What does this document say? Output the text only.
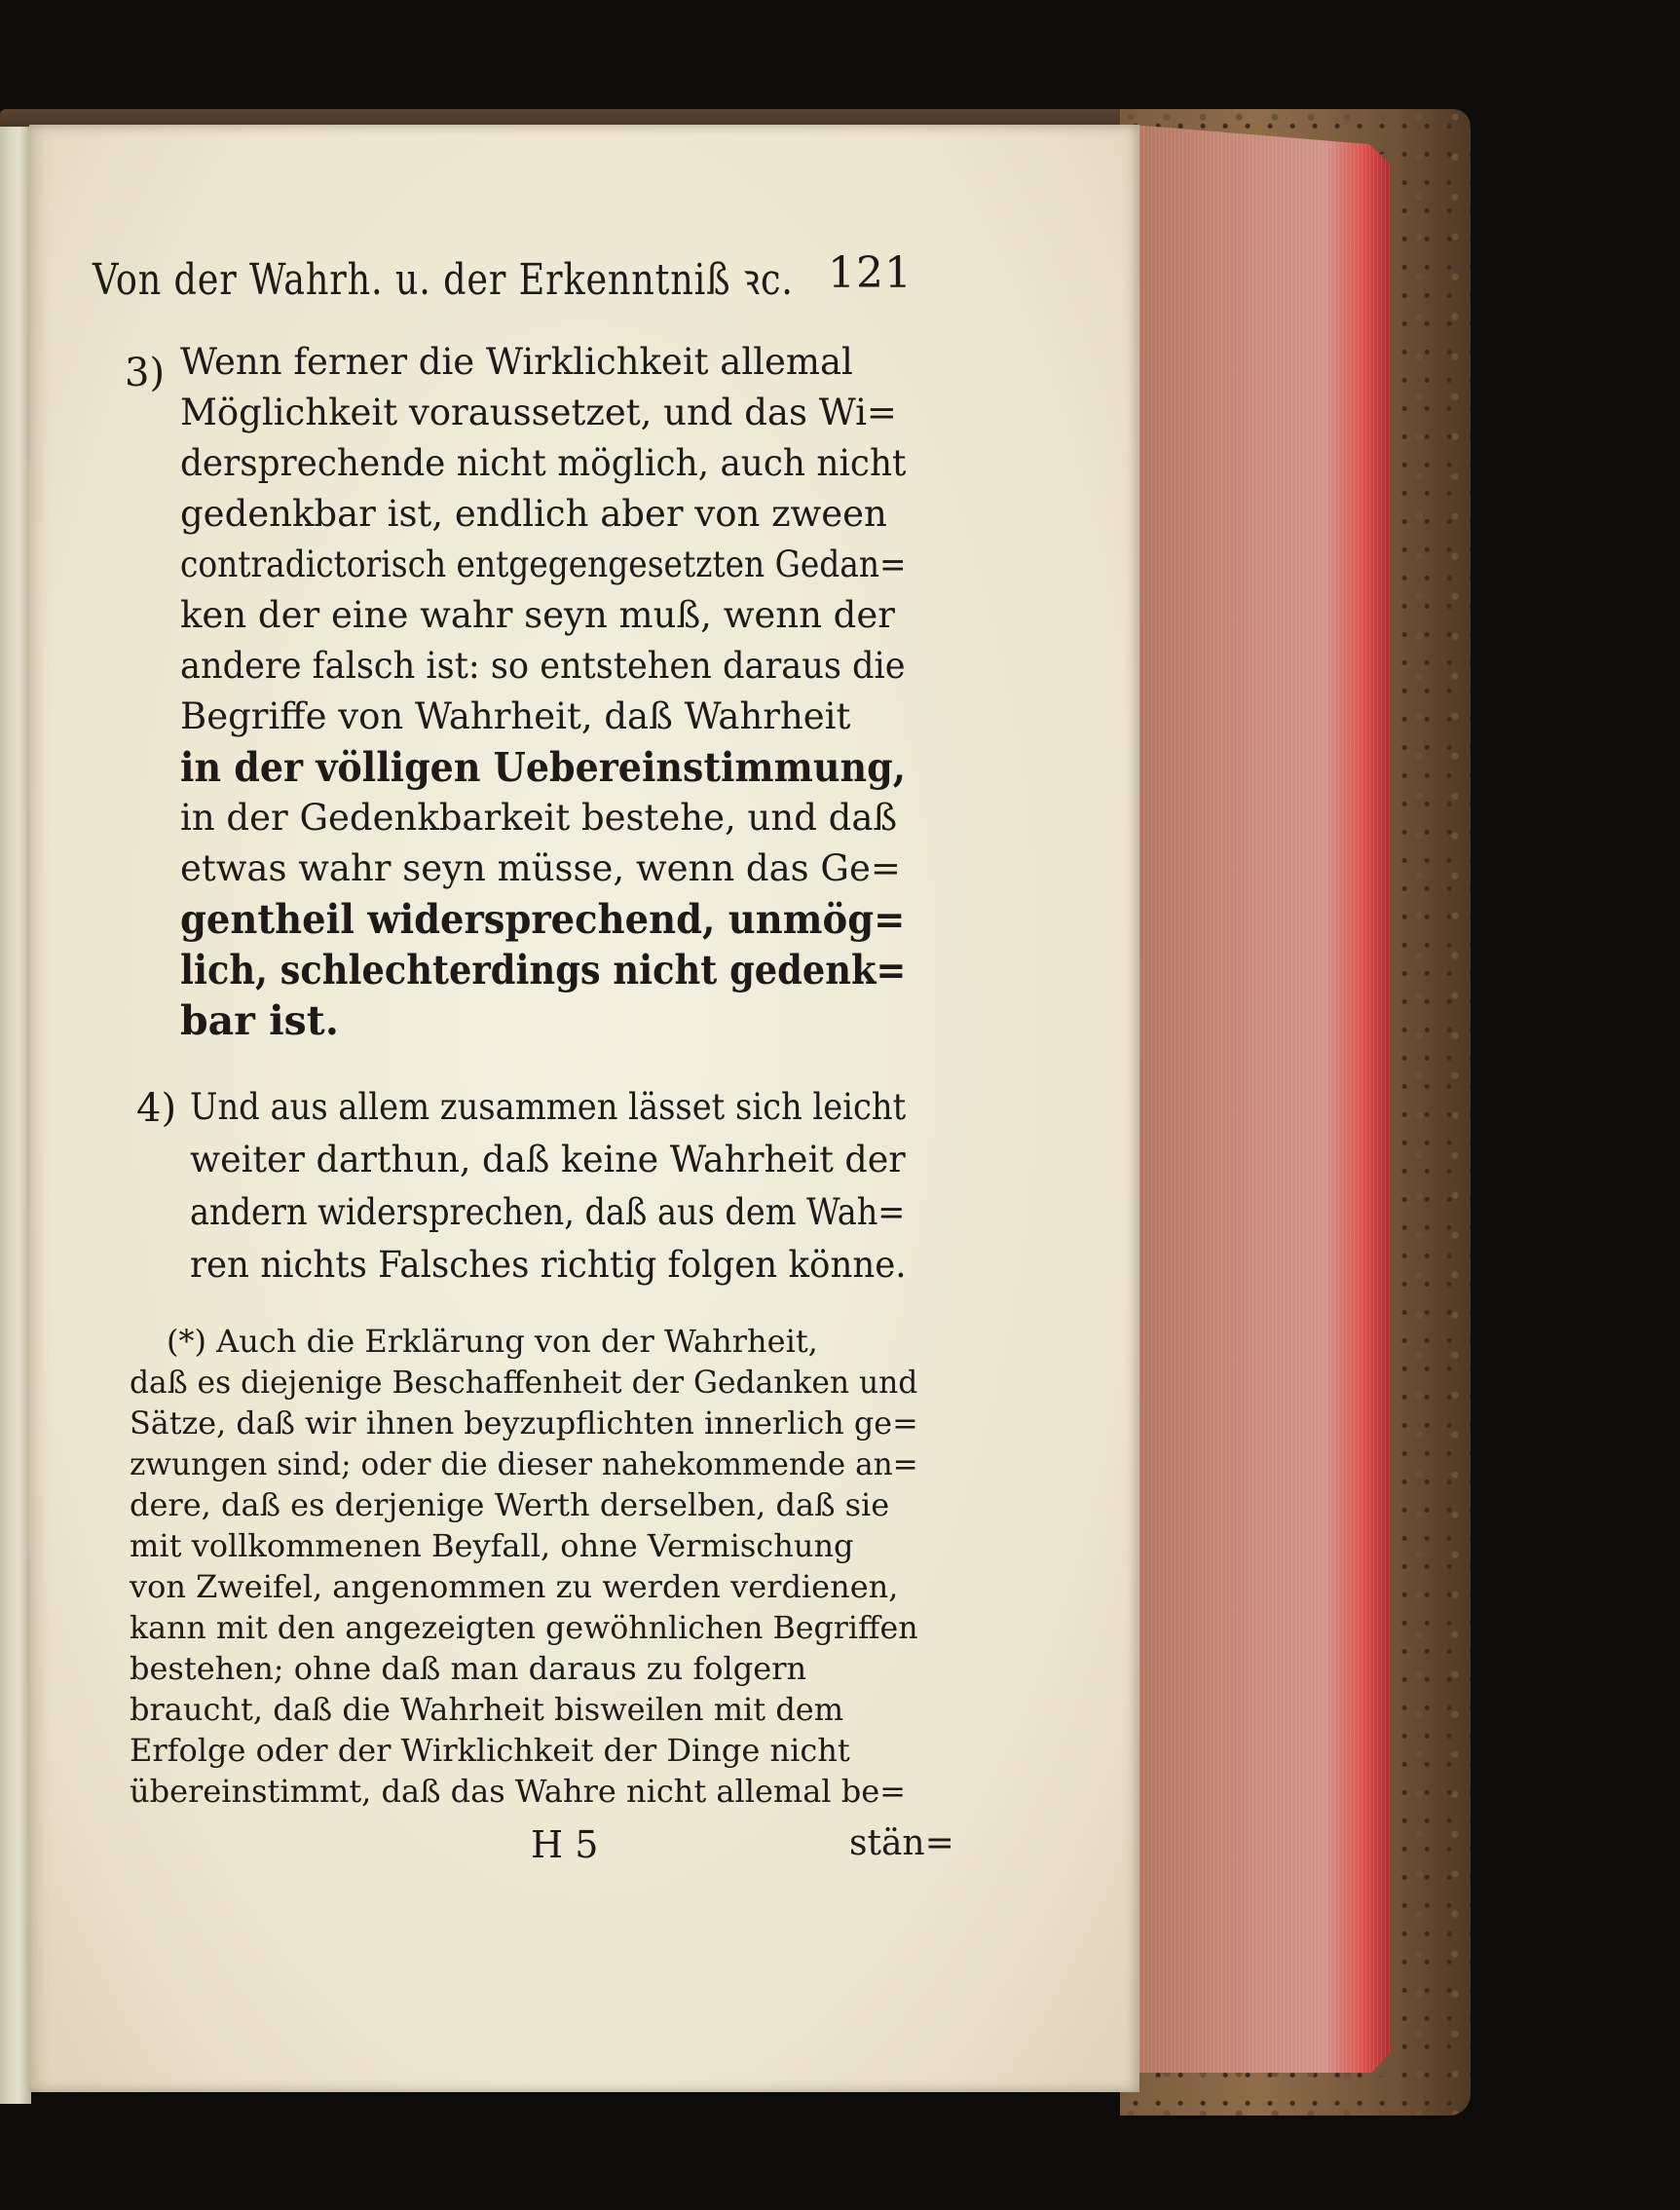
Von der Wahrh. u. der Erkenntniß ꝛc. 121
3) Wenn ferner die Wirklichkeit allemal
Möglichkeit voraussetzet, und das Wi=
dersprechende nicht möglich, auch nicht
gedenkbar ist, endlich aber von zween
contradictorisch entgegengesetzten Gedan=
ken der eine wahr seyn muß, wenn der
andere falsch ist: so entstehen daraus die
Begriffe von Wahrheit, daß Wahrheit
in der völligen Uebereinstimmung,
in der Gedenkbarkeit bestehe, und daß
etwas wahr seyn müsse, wenn das Ge=
gentheil widersprechend, unmög=
lich, schlechterdings nicht gedenk=
bar ist.
4) Und aus allem zusammen lässet sich leicht
weiter darthun, daß keine Wahrheit der
andern widersprechen, daß aus dem Wah=
ren nichts Falsches richtig folgen könne.
(*) Auch die Erklärung von der Wahrheit,
daß es diejenige Beschaffenheit der Gedanken und
Sätze, daß wir ihnen beyzupflichten innerlich ge=
zwungen sind; oder die dieser nahekommende an=
dere, daß es derjenige Werth derselben, daß sie
mit vollkommenen Beyfall, ohne Vermischung
von Zweifel, angenommen zu werden verdienen,
kann mit den angezeigten gewöhnlichen Begriffen
bestehen; ohne daß man daraus zu folgern
braucht, daß die Wahrheit bisweilen mit dem
Erfolge oder der Wirklichkeit der Dinge nicht
übereinstimmt, daß das Wahre nicht allemal be=
H 5	stän=
